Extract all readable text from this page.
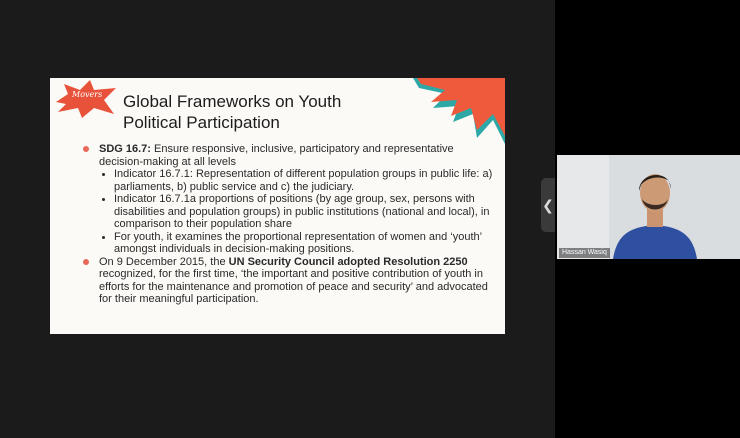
Movers Global Frameworks on Youth
Political Participation
SDG 16.7: Ensure responsive, inclusive, participatory and representative decision-making at all levels
Indicator 16.7.1: Representation of different population groups in public life: a) parliaments, b) public service and c) the judiciary.
Indicator 16.7.1a proportions of positions (by age group, sex, persons with disabilities and population groups) in public institutions (national and local), in comparison to their population share
For youth, it examines the proportional representation of women and ‘youth’ amongst individuals in decision-making positions.
On 9 December 2015, the UN Security Council adopted Resolution 2250 recognized, for the first time, ‘the important and positive contribution of youth in efforts for the maintenance and promotion of peace and security’ and advocated for their meaningful participation.
❮
Hassan Wasiq
